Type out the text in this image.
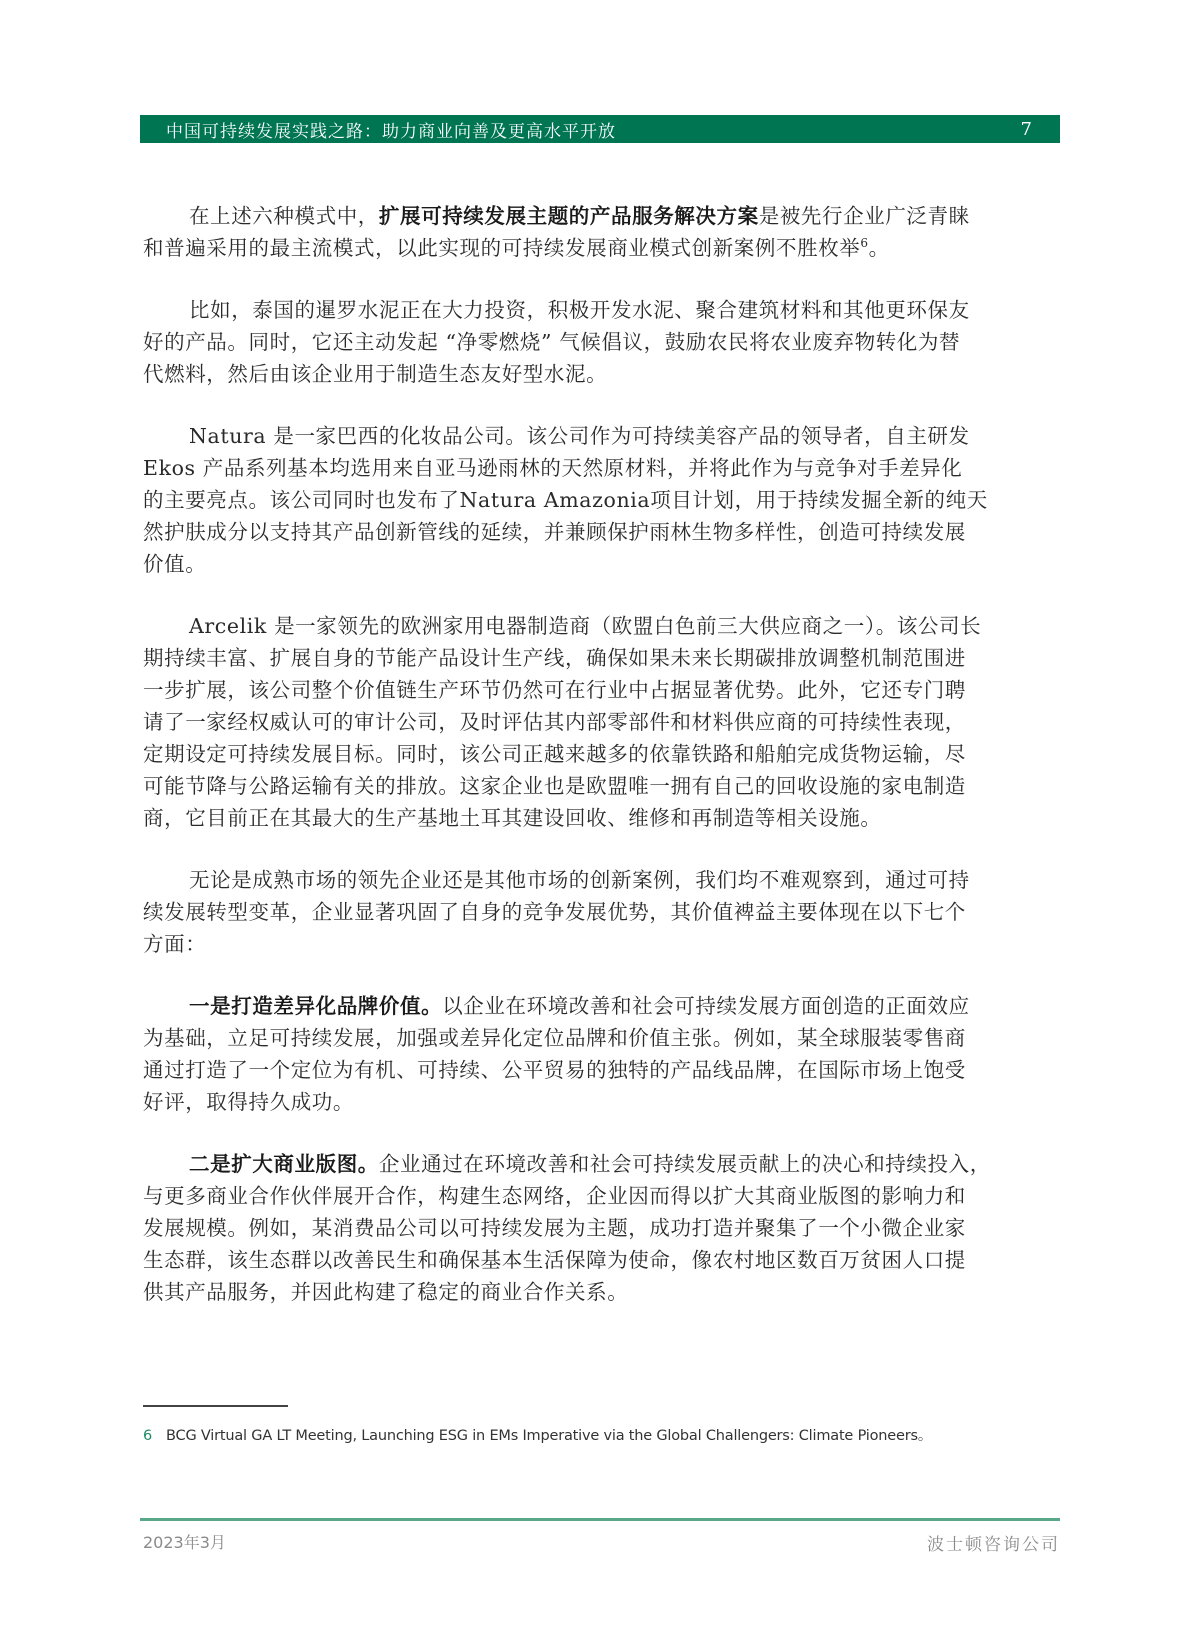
中国可持续发展实践之路：助力商业向善及更高水平开放	7

在上述六种模式中，扩展可持续发展主题的产品服务解决方案是被先行企业广泛青睐
和普遍采用的最主流模式，以此实现的可持续发展商业模式创新案例不胜枚举$^6$。

比如，泰国的暹罗水泥正在大力投资，积极开发水泥、聚合建筑材料和其他更环保友
好的产品。同时，它还主动发起 “净零燃烧” 气候倡议，鼓励农民将农业废弃物转化为替
代燃料，然后由该企业用于制造生态友好型水泥。

Natura 是一家巴西的化妆品公司。该公司作为可持续美容产品的领导者，自主研发
Ekos 产品系列基本均选用来自亚马逊雨林的天然原材料，并将此作为与竞争对手差异化
的主要亮点。该公司同时也发布了Natura Amazonia项目计划，用于持续发掘全新的纯天
然护肤成分以支持其产品创新管线的延续，并兼顾保护雨林生物多样性，创造可持续发展
价值。

Arcelik 是一家领先的欧洲家用电器制造商（欧盟白色前三大供应商之一）。该公司长
期持续丰富、扩展自身的节能产品设计生产线，确保如果未来长期碳排放调整机制范围进
一步扩展，该公司整个价值链生产环节仍然可在行业中占据显著优势。此外，它还专门聘
请了一家经权威认可的审计公司，及时评估其内部零部件和材料供应商的可持续性表现，
定期设定可持续发展目标。同时，该公司正越来越多的依靠铁路和船舶完成货物运输，尽
可能节降与公路运输有关的排放。这家企业也是欧盟唯一拥有自己的回收设施的家电制造
商，它目前正在其最大的生产基地土耳其建设回收、维修和再制造等相关设施。

无论是成熟市场的领先企业还是其他市场的创新案例，我们均不难观察到，通过可持
续发展转型变革，企业显著巩固了自身的竞争发展优势，其价值裨益主要体现在以下七个
方面：

一是打造差异化品牌价值。以企业在环境改善和社会可持续发展方面创造的正面效应
为基础，立足可持续发展，加强或差异化定位品牌和价值主张。例如，某全球服装零售商
通过打造了一个定位为有机、可持续、公平贸易的独特的产品线品牌，在国际市场上饱受
好评，取得持久成功。

二是扩大商业版图。企业通过在环境改善和社会可持续发展贡献上的决心和持续投入，
与更多商业合作伙伴展开合作，构建生态网络，企业因而得以扩大其商业版图的影响力和
发展规模。例如，某消费品公司以可持续发展为主题，成功打造并聚集了一个小微企业家
生态群，该生态群以改善民生和确保基本生活保障为使命，像农村地区数百万贫困人口提
供其产品服务，并因此构建了稳定的商业合作关系。

6 BCG Virtual GA LT Meeting, Launching ESG in EMs Imperative via the Global Challengers: Climate Pioneers。
2023年3月	波士顿咨询公司
